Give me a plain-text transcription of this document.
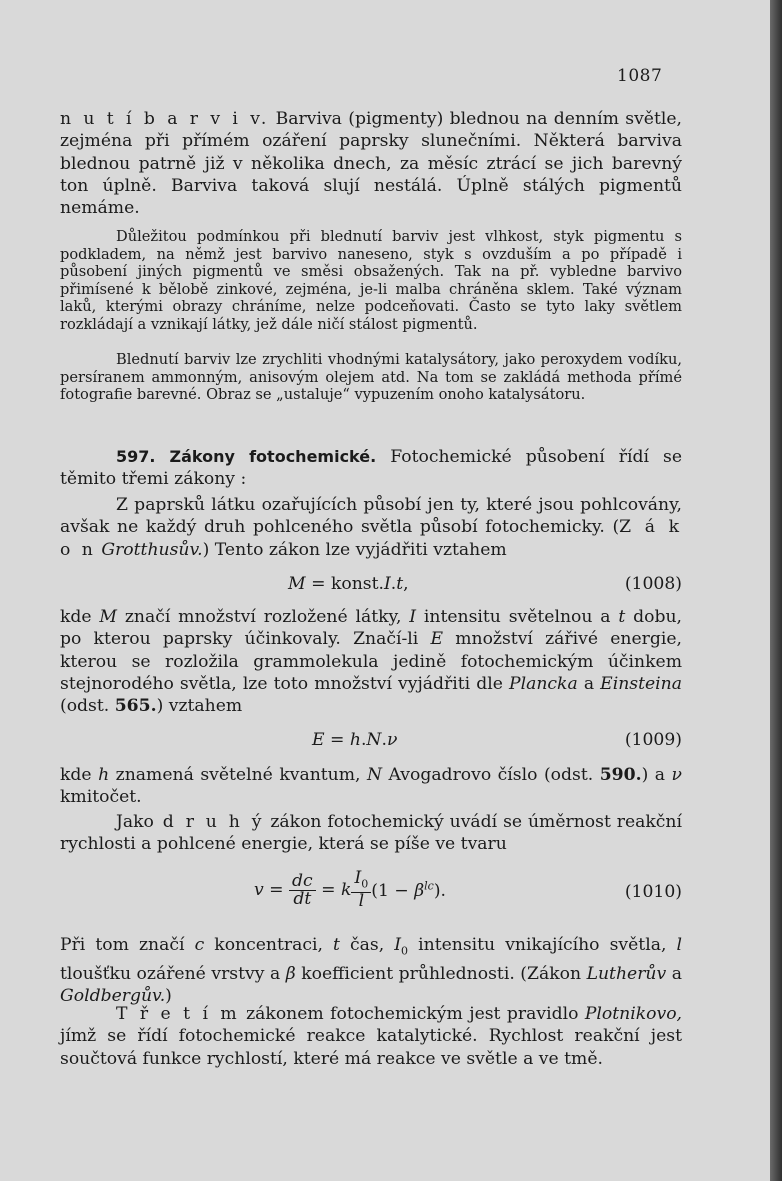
1087
n u t í b a r v i v. Barviva (pigmenty) blednou na denním světle, zejména při přímém ozáření paprsky slunečními. Některá barviva blednou patrně již v několika dnech, za měsíc ztrácí se jich barevný ton úplně. Barviva taková slují nestálá. Úplně stálých pigmentů nemáme.
Důležitou podmínkou při blednutí barviv jest vlhkost, styk pigmentu s podkladem, na němž jest barvivo naneseno, styk s ovzduším a po případě i působení jiných pigmentů ve směsi obsažených. Tak na př. vybledne barvivo přimísené k bělobě zinkové, zejména, je-li malba chráněna sklem. Také význam laků, kterými obrazy chráníme, nelze podceňovati. Často se tyto laky světlem rozkládají a vznikají látky, jež dále ničí stálost pigmentů.
Blednutí barviv lze zrychliti vhodnými katalysátory, jako peroxydem vodíku, persíranem ammonným, anisovým olejem atd. Na tom se zakládá methoda přímé fotografie barevné. Obraz se „ustaluje“ vypuzením onoho katalysátoru.
597. Zákony fotochemické. Fotochemické působení řídí se těmito třemi zákony :
Z paprsků látku ozařujících působí jen ty, které jsou pohlcovány, avšak ne každý druh pohlceného světla působí fotochemicky. (Z á k o n Grotthusův.) Tento zákon lze vyjádřiti vztahem
M = konst.I.t,	(1008)
kde M značí množství rozložené látky, I intensitu světelnou a t dobu, po kterou paprsky účinkovaly. Značí-li E množství zářivé energie, kterou se rozložila grammolekula jedině fotochemickým účinkem stejnorodého světla, lze toto množství vyjádřiti dle Plancka a Einsteina (odst. 565.) vztahem
E = h.N.ν	(1009)
kde h znamená světelné kvantum, N Avogadrovo číslo (odst. 590.) a ν kmitočet.
Jako d r u h ý zákon fotochemický uvádí se úměrnost reakční rychlosti a pohlcené energie, která se píše ve tvaru
$v = \frac{dc}{dt} = k \frac{I_0}{l} (1 - \beta^{lc})$.	(1010)
Při tom značí c koncentraci, t čas, $I_0$ intensitu vnikajícího světla, l tloušťku ozářené vrstvy a β koefficient průhlednosti. (Zákon Lutherův a Goldbergův.)
T ř e t í m zákonem fotochemickým jest pravidlo Plotnikovo, jímž se řídí fotochemické reakce katalytické. Rychlost reakční jest součtová funkce rychlostí, které má reakce ve světle a ve tmě.
